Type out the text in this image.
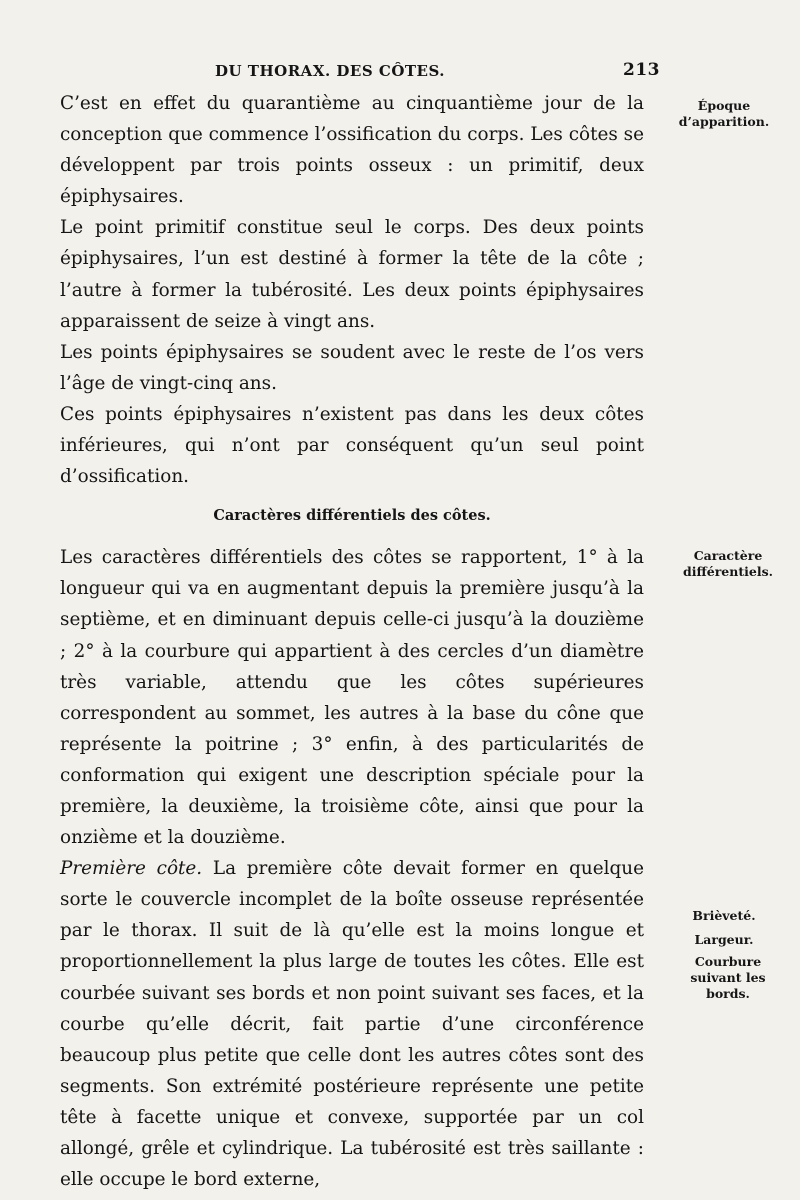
DU THORAX. DES CÔTES.	213

C’est en effet du quarantième au cinquantième jour de la conception que commence l’ossification du corps. Les côtes se développent par trois points osseux : un primitif, deux épiphysaires.

Le point primitif constitue seul le corps. Des deux points épiphysaires, l’un est destiné à former la tête de la côte ; l’autre à former la tubérosité. Les deux points épiphysaires apparaissent de seize à vingt ans.

Les points épiphysaires se soudent avec le reste de l’os vers l’âge de vingt-cinq ans.

Ces points épiphysaires n’existent pas dans les deux côtes inférieures, qui n’ont par conséquent qu’un seul point d’ossification.

Caractères différentiels des côtes.

Les caractères différentiels des côtes se rapportent, 1° à la longueur qui va en augmentant depuis la première jusqu’à la septième, et en diminuant depuis celle-ci jusqu’à la douzième ; 2° à la courbure qui appartient à des cercles d’un diamètre très variable, attendu que les côtes supérieures correspondent au sommet, les autres à la base du cône que représente la poitrine ; 3° enfin, à des particularités de conformation qui exigent une description spéciale pour la première, la deuxième, la troisième côte, ainsi que pour la onzième et la douzième.

Première côte. La première côte devait former en quelque sorte le couvercle incomplet de la boîte osseuse représentée par le thorax. Il suit de là qu’elle est la moins longue et proportionnellement la plus large de toutes les côtes. Elle est courbée suivant ses bords et non point suivant ses faces, et la courbe qu’elle décrit, fait partie d’une circonférence beaucoup plus petite que celle dont les autres côtes sont des segments. Son extrémité postérieure représente une petite tête à facette unique et convexe, supportée par un col allongé, grêle et cylindrique. La tubérosité est très saillante : elle occupe le bord externe,

Époque d’apparition.
Caractère différentiels.
Brièveté.
Largeur.
Courbure suivant les bords.
